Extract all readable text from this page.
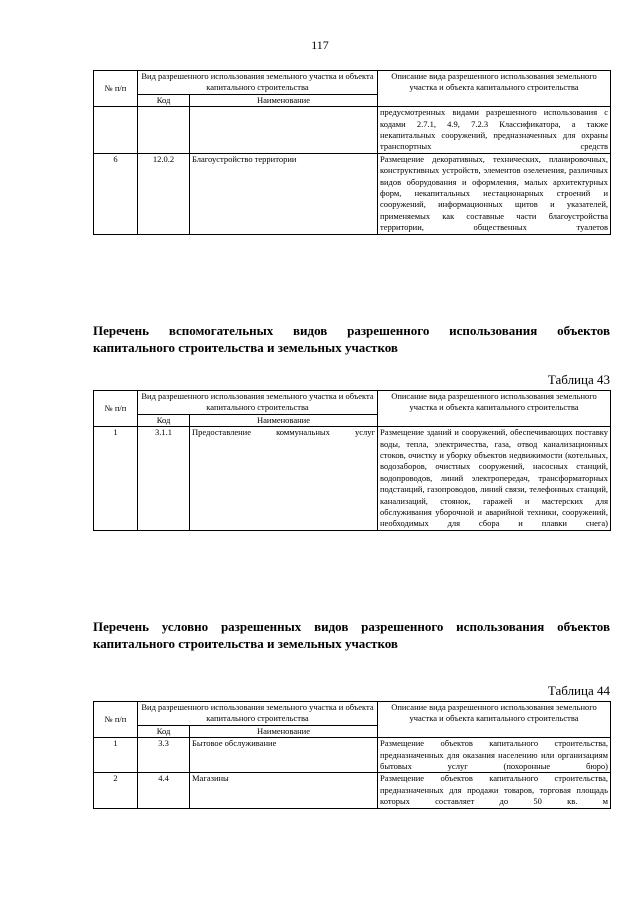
117
№ п/п	Вид разрешенного использования земельного участка и объекта капитального строительства		Описание вида разрешенного использования земельного участка и объекта капитального строительства
	Код	Наименование	
			предусмотренных видами разрешенного использования с кодами 2.7.1, 4.9, 7.2.3 Классификатора, а также некапитальных сооружений, предназначенных для охраны транспортных средств
6	12.0.2	Благоустройство территории	Размещение декоративных, технических, планировочных, конструктивных устройств, элементов озеленения, различных видов оборудования и оформления, малых архитектурных форм, некапитальных нестационарных строений и сооружений, информационных щитов и указателей, применяемых как составные части благоустройства территории, общественных туалетов
Перечень вспомогательных видов разрешенного использования объектов капитального строительства и земельных участков
Таблица 43
№ п/п	Вид разрешенного использования земельного участка и объекта капитального строительства		Описание вида разрешенного использования земельного участка и объекта капитального строительства
	Код	Наименование	
1	3.1.1	Предоставление коммунальных услуг	Размещение зданий и сооружений, обеспечивающих поставку воды, тепла, электричества, газа, отвод канализационных стоков, очистку и уборку объектов недвижимости (котельных, водозаборов, очистных сооружений, насосных станций, водопроводов, линий электропередач, трансформаторных подстанций, газопроводов, линий связи, телефонных станций, канализаций, стоянок, гаражей и мастерских для обслуживания уборочной и аварийной техники, сооружений, необходимых для сбора и плавки снега)
Перечень условно разрешенных видов разрешенного использования объектов капитального строительства и земельных участков
Таблица 44
№ п/п	Вид разрешенного использования земельного участка и объекта капитального строительства		Описание вида разрешенного использования земельного участка и объекта капитального строительства
	Код	Наименование	
1	3.3	Бытовое обслуживание	Размещение объектов капитального строительства, предназначенных для оказания населению или организациям бытовых услуг (похоронные бюро)
2	4.4	Магазины	Размещение объектов капитального строительства, предназначенных для продажи товаров, торговая площадь которых составляет до 50 кв. м
